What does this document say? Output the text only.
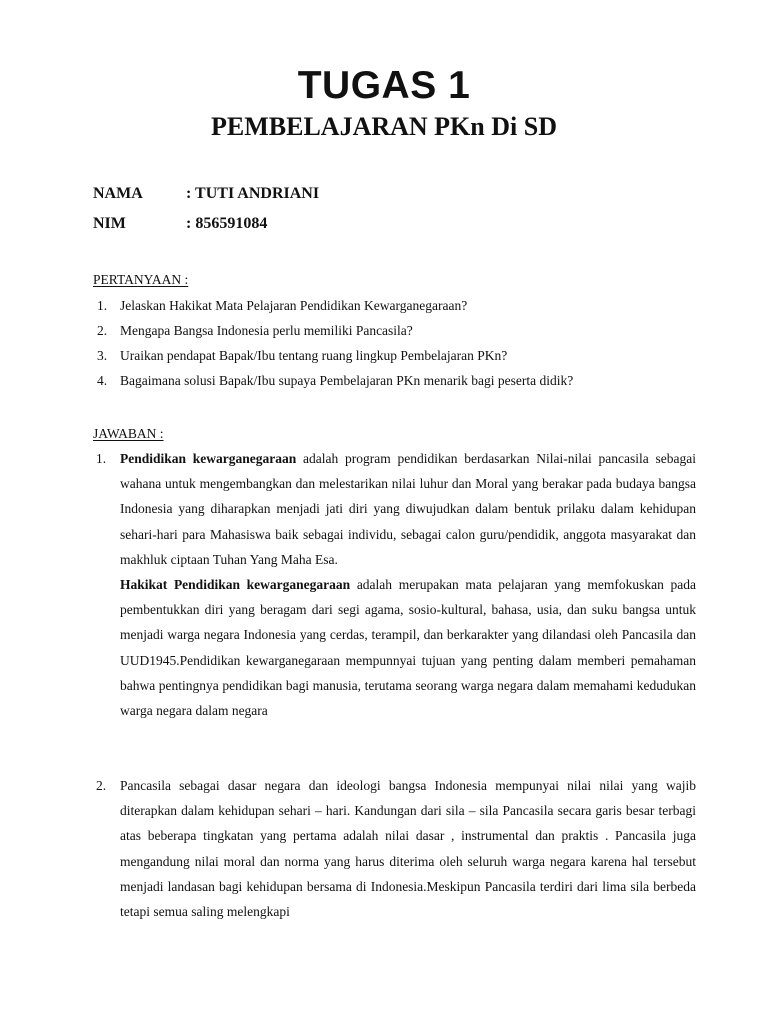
TUGAS 1
PEMBELAJARAN PKn Di SD
NAMA	: TUTI ANDRIANI
NIM	: 856591084
PERTANYAAN :
1. Jelaskan Hakikat Mata Pelajaran Pendidikan Kewarganegaraan?
2. Mengapa Bangsa Indonesia perlu memiliki Pancasila?
3. Uraikan pendapat Bapak/Ibu tentang ruang lingkup Pembelajaran PKn?
4. Bagaimana solusi Bapak/Ibu supaya Pembelajaran PKn menarik bagi peserta didik?
JAWABAN :
1. Pendidikan kewarganegaraan adalah program pendidikan berdasarkan Nilai-nilai pancasila sebagai wahana untuk mengembangkan dan melestarikan nilai luhur dan Moral yang berakar pada budaya bangsa Indonesia yang diharapkan menjadi jati diri yang diwujudkan dalam bentuk prilaku dalam kehidupan sehari-hari para Mahasiswa baik sebagai individu, sebagai calon guru/pendidik, anggota masyarakat dan makhluk ciptaan Tuhan Yang Maha Esa.
Hakikat Pendidikan kewarganegaraan adalah merupakan mata pelajaran yang memfokuskan pada pembentukkan diri yang beragam dari segi agama, sosio-kultural, bahasa, usia, dan suku bangsa untuk menjadi warga negara Indonesia yang cerdas, terampil, dan berkarakter yang dilandasi oleh Pancasila dan UUD1945.Pendidikan kewarganegaraan mempunnyai tujuan yang penting dalam memberi pemahaman bahwa pentingnya pendidikan bagi manusia, terutama seorang warga negara dalam memahami kedudukan warga negara dalam negara
2. Pancasila sebagai dasar negara dan ideologi bangsa Indonesia mempunyai nilai nilai yang wajib diterapkan dalam kehidupan sehari – hari. Kandungan dari sila – sila Pancasila secara garis besar terbagi atas beberapa tingkatan yang pertama adalah nilai dasar , instrumental dan praktis . Pancasila juga mengandung nilai moral dan norma yang harus diterima oleh seluruh warga negara karena hal tersebut menjadi landasan bagi kehidupan bersama di Indonesia.Meskipun Pancasila terdiri dari lima sila berbeda tetapi semua saling melengkapi
